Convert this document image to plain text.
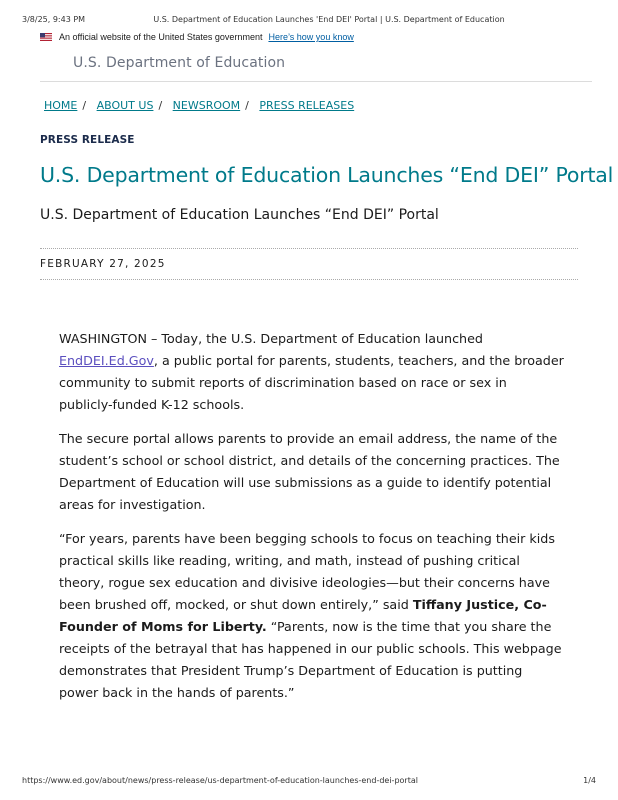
3/8/25, 9:43 PM	U.S. Department of Education Launches 'End DEI' Portal | U.S. Department of Education
An official website of the United States government Here’s how you know
U.S. Department of Education
HOME / ABOUT US / NEWSROOM / PRESS RELEASES
PRESS RELEASE
U.S. Department of Education Launches “End DEI” Portal
U.S. Department of Education Launches “End DEI” Portal
FEBRUARY 27, 2025

WASHINGTON – Today, the U.S. Department of Education launched EndDEI.Ed.Gov, a public portal for parents, students, teachers, and the broader community to submit reports of discrimination based on race or sex in publicly-funded K-12 schools.

The secure portal allows parents to provide an email address, the name of the student’s school or school district, and details of the concerning practices. The Department of Education will use submissions as a guide to identify potential areas for investigation.

“For years, parents have been begging schools to focus on teaching their kids practical skills like reading, writing, and math, instead of pushing critical theory, rogue sex education and divisive ideologies—but their concerns have been brushed off, mocked, or shut down entirely,” said Tiffany Justice, Co-Founder of Moms for Liberty. “Parents, now is the time that you share the receipts of the betrayal that has happened in our public schools. This webpage demonstrates that President Trump’s Department of Education is putting power back in the hands of parents.”

https://www.ed.gov/about/news/press-release/us-department-of-education-launches-end-dei-portal	1/4
